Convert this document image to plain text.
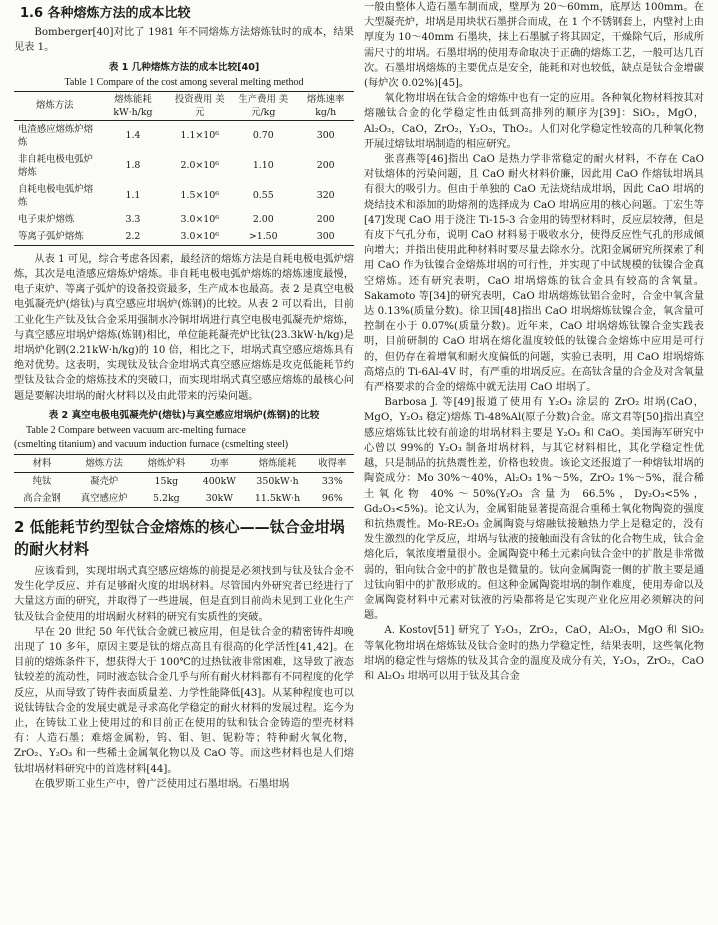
1.6 各种熔炼方法的成本比较

Bomberger[40]对比了 1981 年不同熔炼方法熔炼钛时的成本，结果见表 1。

表 1 几种熔炼方法的成本比较[40]
Table 1 Compare of the cost among several melting method
熔炼方法	熔炼能耗 kW·h/kg	投资费用 美元	生产费用 美元/kg	熔炼速率 kg/h
电渣感应熔炼炉熔炼	1.4	1.1×10⁶	0.70	300
非自耗电极电弧炉熔炼	1.8	2.0×10⁶	1.10	200
自耗电极电弧炉熔炼	1.1	1.5×10⁶	0.55	320
电子束炉熔炼	3.3	3.0×10⁶	2.00	200
等离子弧炉熔炼	2.2	3.0×10⁶	>1.50	300

从表 1 可见，综合考虑各因素，最经济的熔炼方法是自耗电极电弧炉熔炼，其次是电渣感应熔炼炉熔炼。非自耗电极电弧炉熔炼的熔炼速度最慢，电子束炉、等离子弧炉的设备投资最多，生产成本也最高。表 2 是真空电极电弧凝壳炉(熔钛)与真空感应坩埚炉(炼钢)的比较。从表 2 可以看出，目前工业化生产钛及钛合金采用强制水冷铜坩埚进行真空电极电弧凝壳炉熔炼，与真空感应坩埚炉熔炼(炼钢)相比，单位能耗凝壳炉比钛(23.3kW·h/kg)是坩埚炉化钢(2.21kW·h/kg)的 10 倍，相比之下，坩埚式真空感应熔炼具有绝对优势。这表明，实现钛及钛合金坩埚式真空感应熔炼是攻克低能耗节约型钛及钛合金的熔炼技术的突破口，而实现坩埚式真空感应熔炼的最核心问题是要解决坩埚的耐火材料以及由此带来的污染问题。

表 2 真空电极电弧凝壳炉(熔钛)与真空感应坩埚炉(炼钢)的比较
Table 2 Compare between vacuum arc-melting furnace
(csmelting titanium) and vacuum induction furnace (csmelting steel)
材料	熔炼方法	熔炼炉料	功率	熔炼能耗	收得率
纯钛	凝壳炉	15kg	400kW	350kW·h	33%
高合金钢	真空感应炉	5.2kg	30kW	11.5kW·h	96%
2 低能耗节约型钛合金熔炼的核心——钛合金坩埚的耐火材料

应该看到，实现坩埚式真空感应熔炼的前提是必须找到与钛及钛合金不发生化学反应、并有足够耐火度的坩埚材料。尽管国内外研究者已经进行了大量这方面的研究，并取得了一些进展，但是直到目前尚未见到工业化生产钛及钛合金使用的坩埚耐火材料的研究有实质性的突破。

早在 20 世纪 50 年代钛合金就已被应用，但是钛合金的精密铸件却晚出现了 10 多年，原因主要是钛的熔点高且有很高的化学活性[41,42]。在目前的熔炼条件下，想获得大于 100℃的过热钛液非常困难，这导致了液态钛较差的流动性，同时液态钛合金几乎与所有耐火材料都有不同程度的化学反应，从而导致了铸件表面质量差、力学性能降低[43]。从某种程度也可以说钛铸钛合金的发展史就是寻求高化学稳定的耐火材料的发展过程。迄今为止，在铸钛工业上使用过的和目前正在使用的钛和钛合金铸造的型壳材料有：人造石墨；难熔金属粉，钨、钼、钽、铌粉等；特种耐火氧化物，ZrO₂、Y₂O₃ 和一些稀土金属氧化物以及 CaO 等。而这些材料也是人们熔钛坩埚材料研究中的首选材料[44]。

在俄罗斯工业生产中，曾广泛使用过石墨坩埚。石墨坩埚

一般由整体人造石墨车制而成，壁厚为 20～60mm，底厚达 100mm。在大型凝壳炉，坩埚是用块状石墨拼合而成，在 1 个不锈钢套上，内壁衬上由厚度为 10～40mm 石墨块，抹上石墨腻子将其固定，干燥除气后，形成所需尺寸的坩埚。石墨坩埚的使用寿命取决于正确的熔炼工艺，一般可达几百次。石墨坩埚熔炼的主要优点是安全，能耗和对也较低，缺点是钛合金增碳(每炉次 0.02%)[45]。

氧化物坩埚在钛合金的熔炼中也有一定的应用。各种氧化物材料按其对熔融钛合金的化学稳定性由低到高排列的顺序为[39]：SiO₂，MgO，Al₂O₃，CaO，ZrO₂，Y₂O₃，ThO₂。人们对化学稳定性较高的几种氧化物开展过熔钛坩埚制造的相应研究。

张喜燕等[46]指出 CaO 是热力学非常稳定的耐火材料，不存在 CaO 对钛熔体的污染问题，且 CaO 耐火材料价廉，因此用 CaO 作熔钛坩埚具有很大的吸引力。但由于单独的 CaO 无法烧结成坩埚，因此 CaO 坩埚的烧结技术和添加的助熔剂的选择成为 CaO 坩埚应用的核心问题。丁宏生等[47]发现 CaO 用于浇注 Ti-15-3 合金用的铸型材料时，反应层较薄，但是有皮下气孔分布，说明 CaO 材料易于吸收水分，使得反应性气孔的形成倾向增大；并指出使用此种材料时要尽量去除水分。沈阳金属研究所探索了利用 CaO 作为钛镍合金熔炼坩埚的可行性，并实现了中试规模的钛镍合金真空熔炼。还有研究表明，CaO 坩埚熔炼的钛合金具有较高的含氧量。Sakamoto 等[34]的研究表明，CaO 坩埚熔炼钛铝合金时，合金中氧含量达 0.13%(质量分数)。徐卫国[48]指出 CaO 坩埚熔炼钛镍合金，氧含量可控制在小于 0.07%(质量分数)。近年来，CaO 坩埚熔炼钛镍合金实践表明，目前研制的 CaO 坩埚在熔化温度较低的钛镍合金熔炼中应用是可行的，但仍存在着增氧和耐火度偏低的问题，实验已表明，用 CaO 坩埚熔炼高熔点的 Ti-6Al-4V 时，有严重的坩埚反应。在高钛含量的合金及对含氧量有严格要求的合金的熔炼中就无法用 CaO 坩埚了。

Barbosa J. 等[49]报道了使用有 Y₂O₃ 涂层的 ZrO₂ 坩埚(CaO，MgO，Y₂O₃ 稳定)熔炼 Ti-48%Al(原子分数)合金。席文君等[50]指出真空感应熔炼钛比较有前途的坩埚材料主要是 Y₂O₃ 和 CaO。美国海军研究中心曾以 99%的 Y₂O₃ 制备坩埚材料，与其它材料相比，其化学稳定性优越，只是制品的抗热震性差，价格也较贵。该论文还报道了一种熔钛坩埚的陶瓷成分：Mo 30%～40%，Al₂O₃ 1%～5%，ZrO₂ 1%～5%，混合稀土氧化物 40%～50%(Y₂O₃ 含量为 66.5%，Dy₂O₃<5%，Gd₂O₃<5%)。论文认为，金属钼能显著提高混合重稀土氧化物陶瓷的强度和抗热震性。Mo-RE₂O₃ 金属陶瓷与熔融钛接触热力学上是稳定的，没有发生激烈的化学反应，坩埚与钛液的接触面没有含钛的化合物生成，钛合金熔化后，氧浓度增量很小。金属陶瓷中稀土元素向钛合金中的扩散是非常微弱的，钼向钛合金中的扩散也是微量的。钛向金属陶瓷一侧的扩散主要是通过钛向钼中的扩散形成的。但这种金属陶瓷坩埚的制作难度，使用寿命以及金属陶瓷材料中元素对钛液的污染都将是它实现产业化应用必须解决的问题。

A. Kostov[51] 研究了 Y₂O₃，ZrO₂，CaO，Al₂O₃，MgO 和 SiO₂ 等氧化物坩埚在熔炼钛及钛合金时的热力学稳定性，结果表明，这些氧化物坩埚的稳定性与熔炼的钛及其合金的温度及成分有关，Y₂O₃，ZrO₂，CaO 和 Al₂O₃ 坩埚可以用于钛及其合金
